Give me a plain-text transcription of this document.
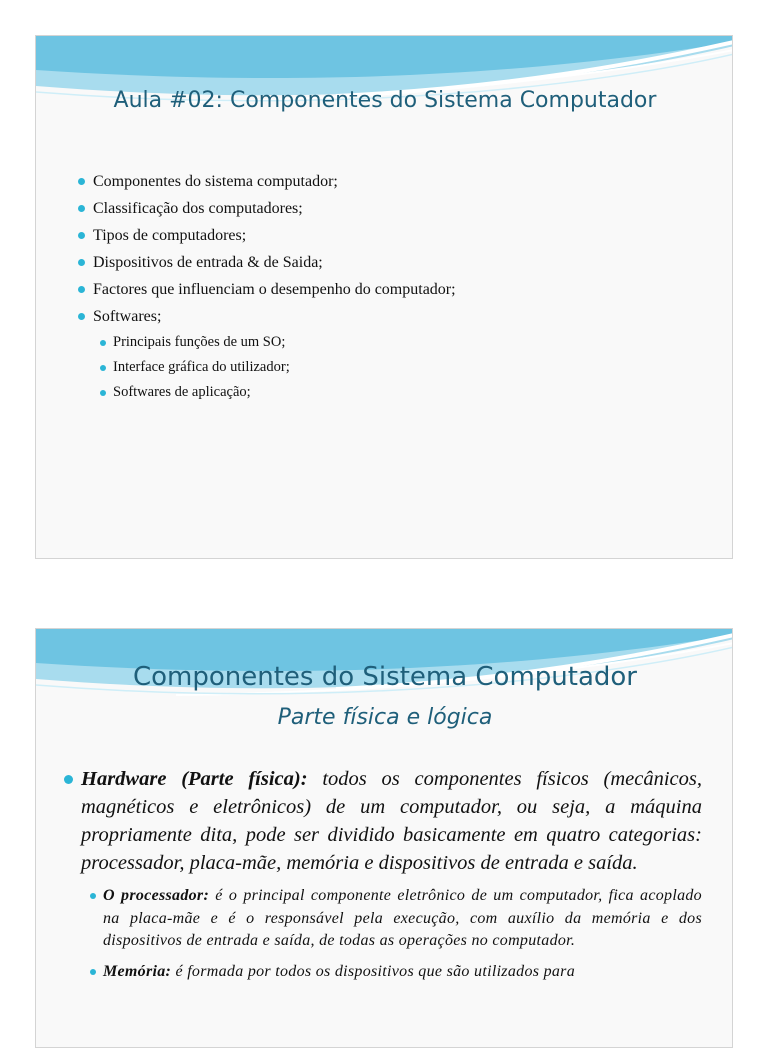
Aula #02: Componentes do Sistema Computador
Componentes do sistema computador;
Classificação dos computadores;
Tipos de computadores;
Dispositivos de entrada & de Saida;
Factores que influenciam o desempenho do computador;
Softwares;
Principais funções de um SO;
Interface gráfica do utilizador;
Softwares de aplicação;
Componentes do Sistema Computador
Parte física e lógica

Hardware (Parte física): todos os componentes físicos (mecânicos, magnéticos e eletrônicos) de um computador, ou seja, a máquina propriamente dita, pode ser dividido basicamente em quatro categorias: processador, placa-mãe, memória e dispositivos de entrada e saída.

O processador: é o principal componente eletrônico de um computador, fica acoplado na placa-mãe e é o responsável pela execução, com auxílio da memória e dos dispositivos de entrada e saída, de todas as operações no computador.

Memória: é formada por todos os dispositivos que são utilizados para
